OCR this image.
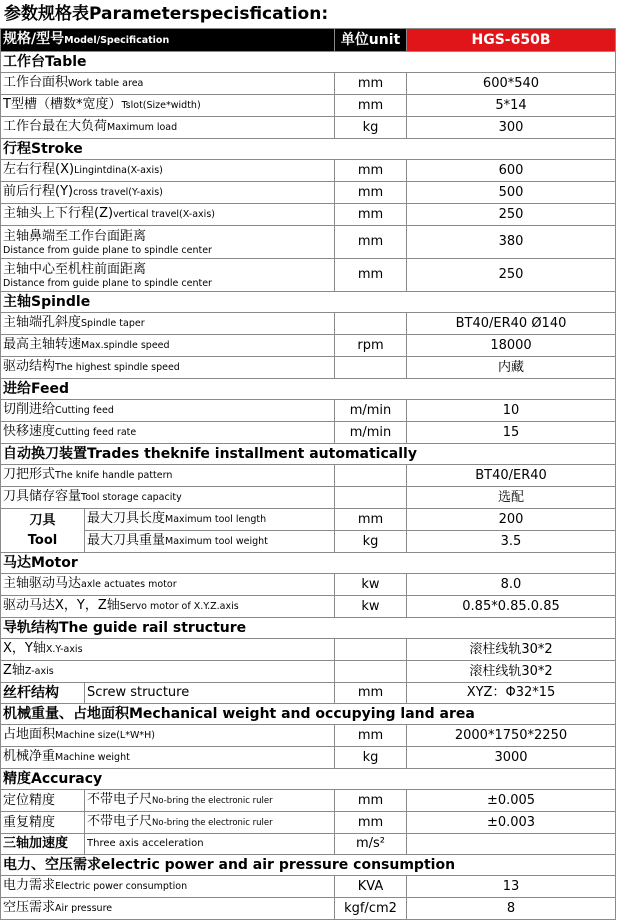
参数规格表Parameterspecisfication:
规格/型号Model/Specification		单位unit	HGS-650B
工作台Table			
工作台面积Work table area		mm	600*540
T型槽（槽数*宽度）Tslot(Size*width)		mm	5*14
工作台最在大负荷Maximum load		kg	300
行程Stroke			
左右行程(X)Lingintdina(X-axis)		mm	600
前后行程(Y)cross travel(Y-axis)		mm	500
主轴头上下行程(Z)vertical travel(X-axis)		mm	250

主轴鼻端至工作台面距离
Distance from guide plane to spindle center		mm	380

主轴中心至机柱前面距离
Distance from guide plane to spindle center		mm	250
主轴Spindle			
主轴端孔斜度Spindle taper			BT40/ER40 Ø140
最高主轴转速Max.spindle speed		rpm	18000
驱动结构The highest spindle speed			内藏
进给Feed			
切削进给Cutting feed		m/min	10
快移速度Cutting feed rate		m/min	15
自动换刀装置Trades theknife installment automatically			
刀把形式The knife handle pattern			BT40/ER40
刀具储存容量Tool storage capacity			选配
刀具
Tool	最大刀具长度Maximum tool length	mm	200
	最大刀具重量Maximum tool weight	kg	3.5
马达Motor			
主轴驱动马达axle actuates motor		kw	8.0
驱动马达X，Y，Z轴Servo motor of X.Y.Z.axis		kw	0.85*0.85.0.85
导轨结构The guide rail structure			
X，Y轴X.Y-axis			滚柱线轨30*2
Z轴Z-axis			滚柱线轨30*2
丝杆结构	Screw structure	mm	XYZ：Φ32*15
机械重量、占地面积Mechanical weight and occupying land area			
占地面积Machine size(L*W*H)		mm	2000*1750*2250
机械净重Machine weight		kg	3000
精度Accuracy			
定位精度	不带电子尺No-bring the electronic ruler	mm	±0.005
重复精度	不带电子尺No-bring the electronic ruler	mm	±0.003
三轴加速度	Three axis acceleration	m/s²	
电力、空压需求electric power and air pressure consumption			
电力需求Electric power consumption		KVA	13
空压需求Air pressure		kgf/cm2	8
